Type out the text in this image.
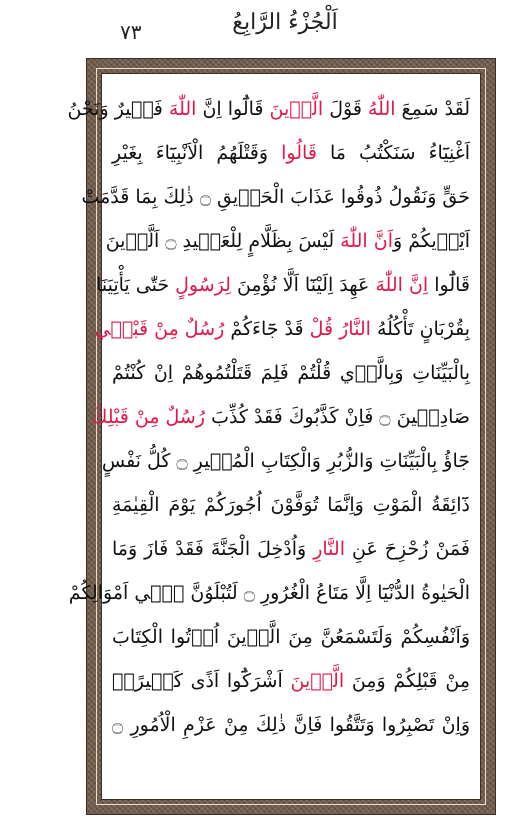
٧٣	اَلْجُزْءُ الرَّابِعُ
لَقَدْ سَمِعَ اللّٰهُ قَوْلَ الَّذ۪ينَ قَالُٓوا اِنَّ اللّٰهَ فَق۪يرٌ وَنَحْنُ
اَغْنِيَٓاءُ سَنَكْتُبُ مَا قَالُوا وَقَتْلَهُمُ الْاَنْبِيَٓاءَ بِغَيْرِ
حَقٍّ وَنَقُولُ ذُوقُوا عَذَابَ الْحَر۪يقِ ۝ ذٰلِكَ بِمَا قَدَّمَتْ
اَيْد۪يكُمْ وَاَنَّ اللّٰهَ لَيْسَ بِظَلَّامٍ لِلْعَب۪يدِ ۝ اَلَّذ۪ينَ
قَالُٓوا اِنَّ اللّٰهَ عَهِدَ اِلَيْنَٓا اَلَّا نُؤْمِنَ لِرَسُولٍ حَتّٰى يَأْتِيَنَا
بِقُرْبَانٍ تَأْكُلُهُ النَّارُ قُلْ قَدْ جَٓاءَكُمْ رُسُلٌ مِنْ قَبْل۪ي
بِالْبَيِّنَاتِ وَبِالَّذ۪ي قُلْتُمْ فَلِمَ قَتَلْتُمُوهُمْ اِنْ كُنْتُمْ
صَادِق۪ينَ ۝ فَاِنْ كَذَّبُوكَ فَقَدْ كُذِّبَ رُسُلٌ مِنْ قَبْلِكَ
جَٓاؤُ بِالْبَيِّنَاتِ وَالزُّبُرِ وَالْكِتَابِ الْمُن۪يرِ ۝ كُلُّ نَفْسٍ
ذَٓائِقَةُ الْمَوْتِ وَاِنَّمَا تُوَفَّوْنَ اُجُورَكُمْ يَوْمَ الْقِيٰمَةِ
فَمَنْ زُحْزِحَ عَنِ النَّارِ وَاُدْخِلَ الْجَنَّةَ فَقَدْ فَازَ وَمَا
الْحَيٰوةُ الدُّنْيَٓا اِلَّا مَتَاعُ الْغُرُورِ ۝ لَتُبْلَوُنَّ ف۪ٓي اَمْوَالِكُمْ
وَاَنْفُسِكُمْ وَلَتَسْمَعُنَّ مِنَ الَّذ۪ينَ اُو۫تُوا الْكِتَابَ
مِنْ قَبْلِكُمْ وَمِنَ الَّذ۪ينَ اَشْرَكُٓوا اَذًى كَث۪يرًاۜ
وَاِنْ تَصْبِرُوا وَتَتَّقُوا فَاِنَّ ذٰلِكَ مِنْ عَزْمِ الْاُمُورِ ۝
